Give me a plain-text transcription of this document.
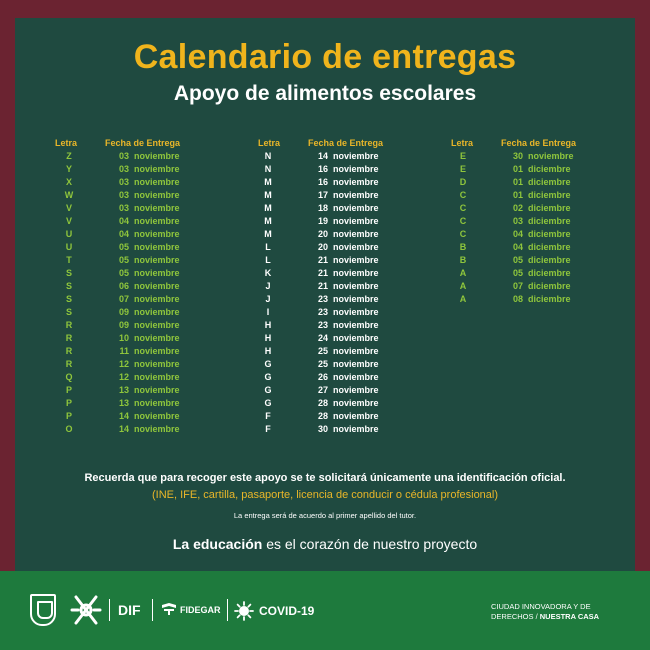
Calendario de entregas
Apoyo de alimentos escolares
Letra	Fecha de Entrega
Z	03 noviembre
Y	03 noviembre
X	03 noviembre
W	03 noviembre
V	03 noviembre
V	04 noviembre
U	04 noviembre
U	05 noviembre
T	05 noviembre
S	05 noviembre
S	06 noviembre
S	07 noviembre
S	09 noviembre
R	09 noviembre
R	10 noviembre
R	11 noviembre
R	12 noviembre
Q	12 noviembre
P	13 noviembre
P	13 noviembre
P	14 noviembre
O	14 noviembre
Letra	Fecha de Entrega
N	14 noviembre
N	16 noviembre
M	16 noviembre
M	17 noviembre
M	18 noviembre
M	19 noviembre
M	20 noviembre
L	20 noviembre
L	21 noviembre
K	21 noviembre
J	21 noviembre
J	23 noviembre
I	23 noviembre
H	23 noviembre
H	24 noviembre
H	25 noviembre
G	25 noviembre
G	26 noviembre
G	27 noviembre
G	28 noviembre
F	28 noviembre
F	30 noviembre
Letra	Fecha de Entrega
E	30 noviembre
E	01 diciembre
D	01 diciembre
C	01 diciembre
C	02 diciembre
C	03 diciembre
C	04 diciembre
B	04 diciembre
B	05 diciembre
A	05 diciembre
A	07 diciembre
A	08 diciembre

Recuerda que para recoger este apoyo se te solicitará únicamente una identificación oficial.

(INE, IFE, cartilla, pasaporte, licencia de conducir o cédula profesional)

La entrega será de acuerdo al primer apellido del tutor.

La educación es el corazón de nuestro proyecto

DIF	FIDEGAR	COVID-19	CIUDAD INNOVADORA Y DE
DERECHOS / NUESTRA CASA
